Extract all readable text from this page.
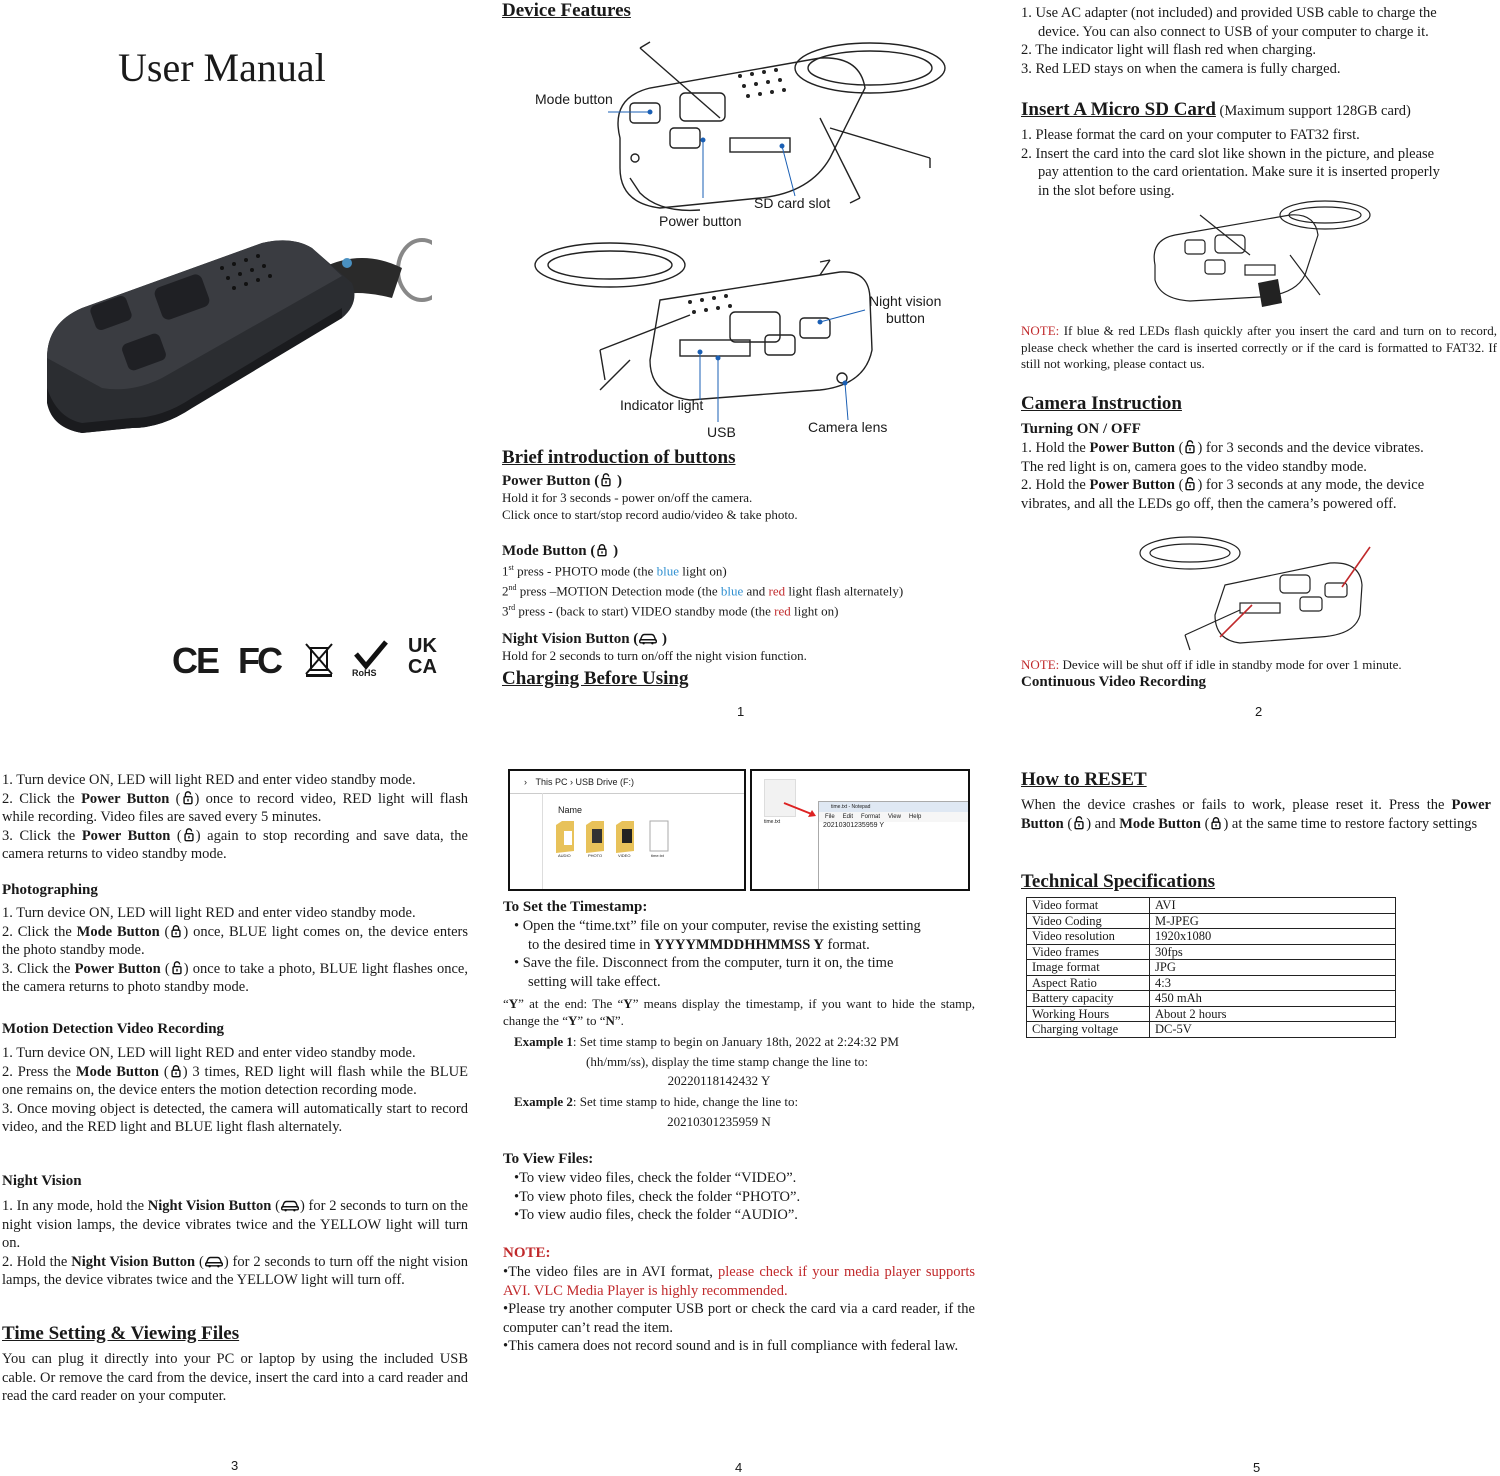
User Manual
CE FC	RoHS
UK
CA
Device Features
Mode button
Power button
SD card slot
Night vision
button
Indicator light
USB	Camera lens
Brief introduction of buttons
Power Button ( )
Hold it for 3 seconds - power on/off the camera.
Click once to start/stop record audio/video & take photo.
Mode Button ( )
1st press - PHOTO mode (the blue light on)
2nd press –MOTION Detection mode (the blue and red light flash alternately)
3rd press - (back to start) VIDEO standby mode (the red light on)
Night Vision Button ( )
Hold for 2 seconds to turn on/off the night vision function.
Charging Before Using
1
1. Use AC adapter (not included) and provided USB cable to charge the
device. You can also connect to USB of your computer to charge it.
2. The indicator light will flash red when charging.
3. Red LED stays on when the camera is fully charged.
Insert A Micro SD Card (Maximum support 128GB card)
1. Please format the card on your computer to FAT32 first.
2. Insert the card into the card slot like shown in the picture, and please
pay attention to the card orientation. Make sure it is inserted properly
in the slot before using.
NOTE: If blue & red LEDs flash quickly after you insert the card and turn on to record, please check whether the card is inserted correctly or if the card is formatted to FAT32. If still not working, please contact us.
Camera Instruction
Turning ON / OFF
1. Hold the Power Button ( ) for 3 seconds and the device vibrates.
The red light is on, camera goes to the video standby mode.
2. Hold the Power Button ( ) for 3 seconds at any mode, the device
vibrates, and all the LEDs go off, then the camera’s powered off.
NOTE: Device will be shut off if idle in standby mode for over 1 minute.
Continuous Video Recording
2
1. Turn device ON, LED will light RED and enter video standby mode.
2. Click the Power Button ( ) once to record video, RED light will flash while recording. Video files are saved every 5 minutes.
3. Click the Power Button ( ) again to stop recording and save data, the camera returns to video standby mode.
Photographing
1. Turn device ON, LED will light RED and enter video standby mode.
2. Click the Mode Button ( ) once, BLUE light comes on, the device enters the photo standby mode.
3. Click the Power Button ( ) once to take a photo, BLUE light flashes once, the camera returns to photo standby mode.
Motion Detection Video Recording
1. Turn device ON, LED will light RED and enter video standby mode.
2. Press the Mode Button ( ) 3 times, RED light will flash while the BLUE one remains on, the device enters the motion detection recording mode.
3. Once moving object is detected, the camera will automatically start to record video, and the RED light and BLUE light flash alternately.
Night Vision
1. In any mode, hold the Night Vision Button ( ) for 2 seconds to turn on the night vision lamps, the device vibrates twice and the YELLOW light will turn on.
2. Hold the Night Vision Button ( ) for 2 seconds to turn off the night vision lamps, the device vibrates twice and the YELLOW light will turn off.
Time Setting & Viewing Files
You can plug it directly into your PC or laptop by using the included USB cable. Or remove the card from the device, insert the card into a card reader and read the card reader on your computer.
3
› This PC › USB Drive (F:)
Name
AUDIO	PHOTO	VIDEO	time.txt
time.txt
time.txt - Notepad
File Edit Format View Help
20210301235959 Y
To Set the Timestamp:
• Open the “time.txt” file on your computer, revise the existing setting
to the desired time in YYYYMMDDHHMMSS Y format.
• Save the file. Disconnect from the computer, turn it on, the time
setting will take effect.
“Y” at the end: The “Y” means display the timestamp, if you want to hide the stamp, change the “Y” to “N”.
Example 1: Set time stamp to begin on January 18th, 2022 at 2:24:32 PM
(hh/mm/ss), display the time stamp change the line to:
20220118142432 Y
Example 2: Set time stamp to hide, change the line to:
20210301235959 N
To View Files:
•To view video files, check the folder “VIDEO”.
•To view photo files, check the folder “PHOTO”.
•To view audio files, check the folder “AUDIO”.
NOTE:
•The video files are in AVI format, please check if your media player supports AVI. VLC Media Player is highly recommended.
•Please try another computer USB port or check the card via a card reader, if the computer can’t read the item.
•This camera does not record sound and is in full compliance with federal law.
4
How to RESET
When the device crashes or fails to work, please reset it. Press the Power Button ( ) and Mode Button ( ) at the same time to restore factory settings
Technical Specifications
Video format	AVI
Video Coding	M-JPEG
Video resolution	1920x1080
Video frames	30fps
Image format	JPG
Aspect Ratio	4:3
Battery capacity	450 mAh
Working Hours	About 2 hours
Charging voltage	DC-5V
5
